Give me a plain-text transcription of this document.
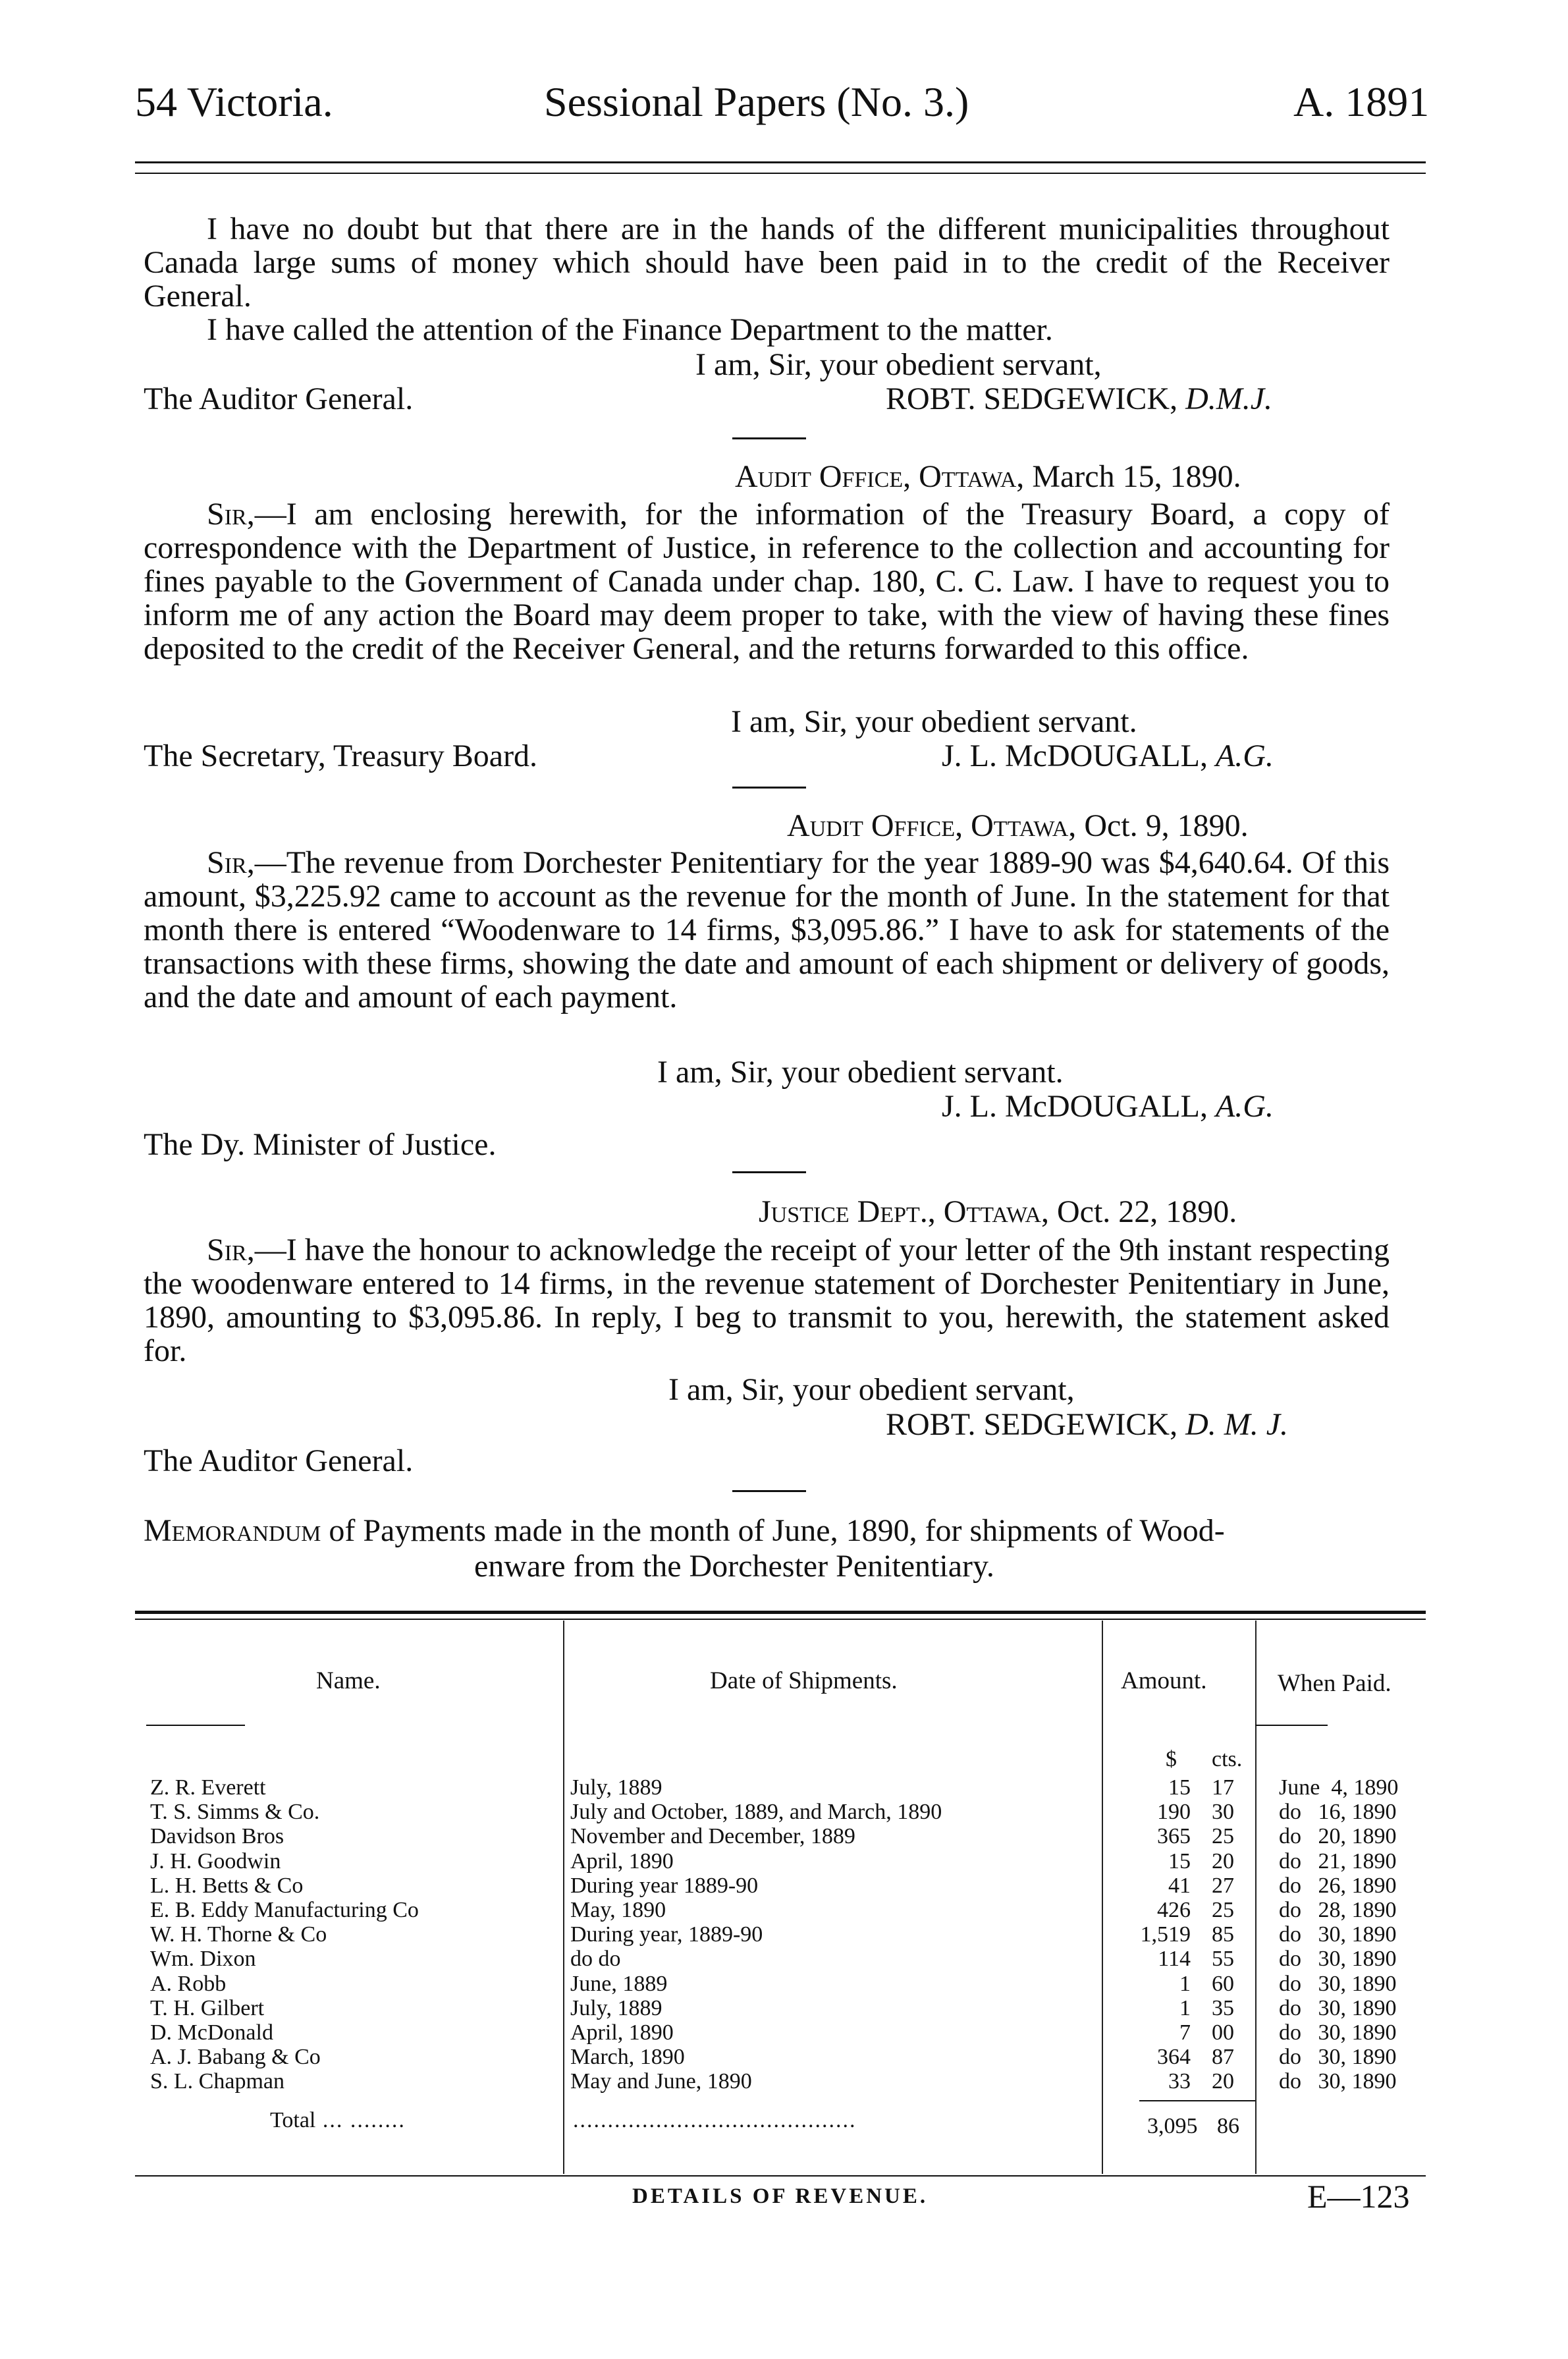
54 Victoria.	Sessional Papers (No. 3.)	A. 1891
I have no doubt but that there are in the hands of the different municipalities throughout Canada large sums of money which should have been paid in to the credit of the Receiver General.
I have called the attention of the Finance Department to the matter.
I am, Sir, your obedient servant,
The Auditor General.	ROBT. SEDGEWICK, D.M.J.
Audit Office, Ottawa, March 15, 1890.
Sir,—I am enclosing herewith, for the information of the Treasury Board, a copy of correspondence with the Department of Justice, in reference to the collection and accounting for fines payable to the Government of Canada under chap. 180, C. C. Law. I have to request you to inform me of any action the Board may deem proper to take, with the view of having these fines deposited to the credit of the Receiver General, and the returns forwarded to this office.
I am, Sir, your obedient servant.
The Secretary, Treasury Board.	J. L. McDOUGALL, A.G.
Audit Office, Ottawa, Oct. 9, 1890.
Sir,—The revenue from Dorchester Penitentiary for the year 1889-90 was $4,640.64. Of this amount, $3,225.92 came to account as the revenue for the month of June. In the statement for that month there is entered “Woodenware to 14 firms, $3,095.86.” I have to ask for statements of the transactions with these firms, showing the date and amount of each shipment or delivery of goods, and the date and amount of each payment.
I am, Sir, your obedient servant.
J. L. McDOUGALL, A.G.
The Dy. Minister of Justice.
Justice Dept., Ottawa, Oct. 22, 1890.
Sir,—I have the honour to acknowledge the receipt of your letter of the 9th instant respecting the woodenware entered to 14 firms, in the revenue statement of Dorchester Penitentiary in June, 1890, amounting to $3,095.86. In reply, I beg to transmit to you, herewith, the statement asked for.
I am, Sir, your obedient servant,
ROBT. SEDGEWICK, D. M. J.
The Auditor General.
Memorandum of Payments made in the month of June, 1890, for shipments of Wood-
enware from the Dorchester Penitentiary.
Name.	Date of Shipments.	Amount.	When Paid.
$ cts.
Z. R. Everett	July, 1889	15 17 June  4, 1890
T. S. Simms & Co.	July and October, 1889, and March, 1890	190 30 do   16, 1890
Davidson Bros	November and December, 1889	365 25 do   20, 1890
J. H. Goodwin	April, 1890	15 20 do   21, 1890
L. H. Betts & Co	During year 1889-90	41 27 do   26, 1890
E. B. Eddy Manufacturing Co	May, 1890	426 25 do   28, 1890
W. H. Thorne & Co	During year, 1889-90	1,519 85 do   30, 1890
Wm. Dixon	do do	114 55 do   30, 1890
A. Robb	June, 1889	1 60 do   30, 1890
T. H. Gilbert	July, 1889	1 35 do   30, 1890
D. McDonald	April, 1890	7 00 do   30, 1890
A. J. Babang & Co	March, 1890	364 87 do   30, 1890
S. L. Chapman	May and June, 1890	33 20 do   30, 1890
Total ... ........	.........................................	3,095 86
DETAILS OF REVENUE.	E—123
